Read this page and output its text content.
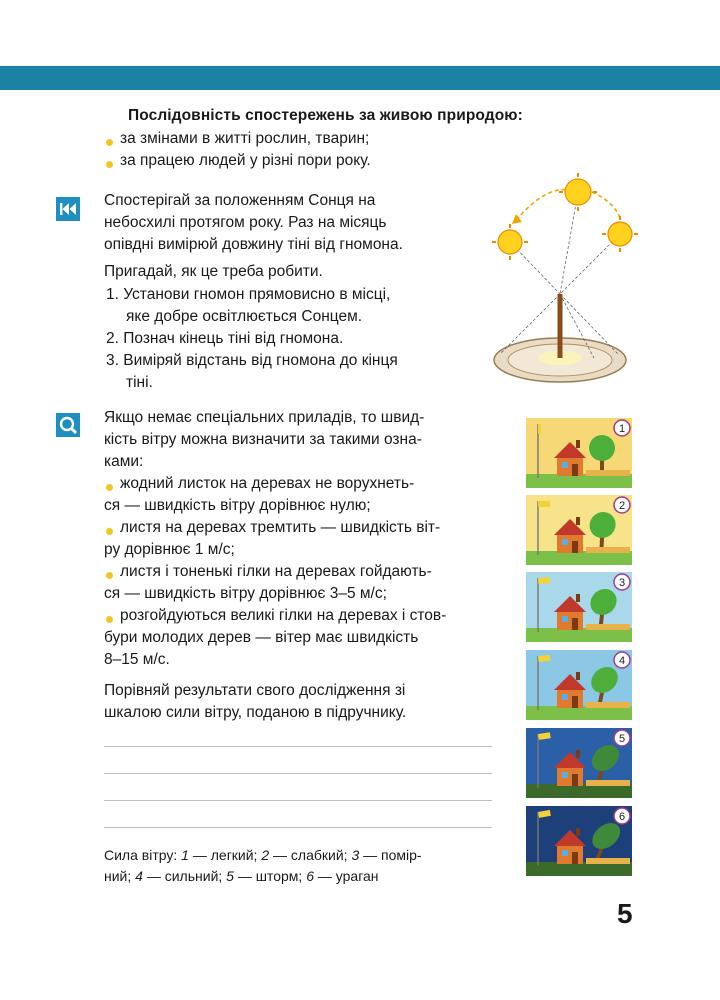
Послідовність спостережень за живою природою:
за змінами в житті рослин, тварин;
за працею людей у різні пори року.
Спостерігай за положенням Сонця на
небосхилі протягом року. Раз на місяць
опівдні вимірюй довжину тіні від гномона.
Пригадай, як це треба робити.
1. Установи гномон прямовисно в місці,
яке добре освітлюється Сонцем.
2. Познач кінець тіні від гномона.
3. Виміряй відстань від гномона до кінця
тіні.
Якщо немає спеціальних приладів, то швид-
кість вітру можна визначити за такими озна-
ками:
жодний листок на деревах не ворухнеть-
ся — швидкість вітру дорівнює нулю;
листя на деревах тремтить — швидкість віт-
ру дорівнює 1 м/с;
листя і тоненькі гілки на деревах гойдають-
ся — швидкість вітру дорівнює 3–5 м/с;
розгойдуються великі гілки на деревах і стов-
бури молодих дерев — вітер має швидкість
8–15 м/с.
Порівняй результати свого дослідження зі
шкалою сили вітру, поданою в підручнику.
Сила вітру: 1 — легкий; 2 — слабкий; 3 — помір-
ний; 4 — сильний; 5 — шторм; 6 — ураган
1
2
3
4
5
6
5
